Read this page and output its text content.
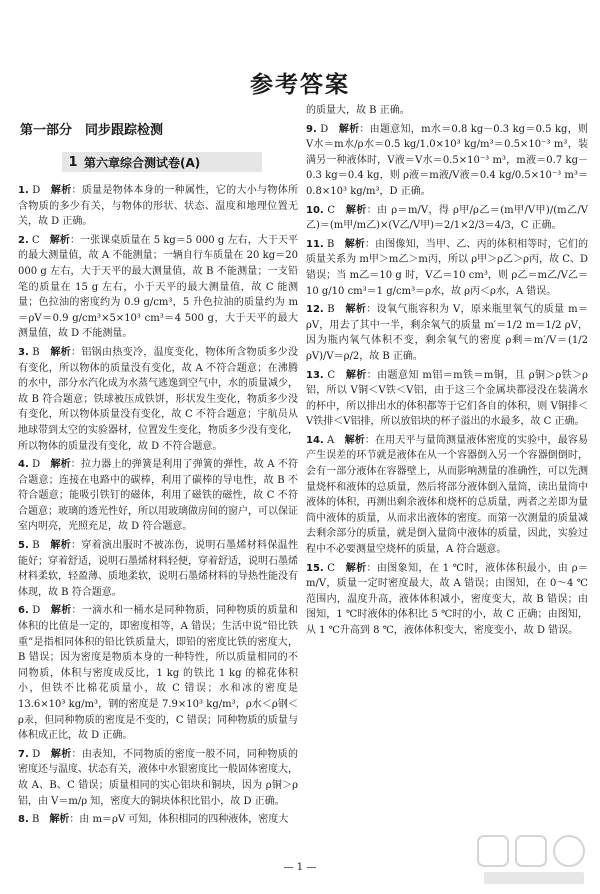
参考答案
第一部分　同步跟踪检测
1 第六章综合测试卷(A)

1. D　 解析：质量是物体本身的一种属性，它的大小与物体所含物质的多少有关，与物体的形状、状态、温度和地理位置无关，故 D 正确。

2. C　 解析：一张课桌质量在 5 kg＝5 000 g 左右，大于天平的最大测量值，故 A 不能测量；一辆自行车质量在 20 kg＝20 000 g 左右，大于天平的最大测量值，故 B 不能测量；一支铅笔的质量在 15 g 左右，小于天平的最大测量值，故 C 能测量；色拉油的密度约为 0.9 g/cm³，5 升色拉油的质量约为 m＝ρV＝0.9 g/cm³×5×10³ cm³＝4 500 g，大于天平的最大测量值，故 D 不能测量。

3. B　 解析：铝锅由热变冷，温度变化，物体所含物质多少没有变化，所以物体的质量没有变化，故 A 不符合题意；在沸腾的水中，部分水汽化成为水蒸气逃逸到空气中，水的质量减少，故 B 符合题意；铁球被压成铁饼，形状发生变化，物质多少没有变化，所以物体质量没有变化，故 C 不符合题意；宇航员从地球带到太空的实验器材，位置发生变化，物质多少没有变化，所以物体的质量没有变化，故 D 不符合题意。

4. D　 解析：拉力器上的弹簧是利用了弹簧的弹性，故 A 不符合题意；连接在电路中的碳棒，利用了碳棒的导电性，故 B 不符合题意；能吸引铁钉的磁体，利用了磁铁的磁性，故 C 不符合题意；玻璃的透光性好，所以用玻璃做房间的窗户，可以保证室内明亮，光照充足，故 D 符合题意。

5. B　 解析：穿着演出服时不被冻伤，说明石墨烯材料保温性能好；穿着舒适，说明石墨烯材料轻便，穿着舒适，说明石墨烯材料柔软，轻盈薄、质地柔软，说明石墨烯材料的导热性能没有体现，故 B 符合题意。

6. D　 解析：一滴水和一桶水是同种物质，同种物质的质量和体积的比值是一定的，即密度相等，A 错误；生活中说“铅比铁重”是指相同体积的铅比铁质量大，即铅的密度比铁的密度大，B 错误；因为密度是物质本身的一种特性，所以质量相同的不同物质，体积与密度成反比，1 kg 的铁比 1 kg 的棉花体积小，但铁不比棉花质量小，故 C 错误；水和冰的密度是 13.6×10³ kg/m³，钢的密度是 7.9×10³ kg/m³，ρ水＜ρ钢＜ρ汞，但同种物质的密度是不变的，C 错误；同种物质的质量与体积成正比，故 D 正确。

7. D　 解析：由表知，不同物质的密度一般不同，同种物质的密度还与温度、状态有关，液体中水银密度比一般固体密度大，故 A、B、C 错误；质量相同的实心铝块和铜块，因为 ρ铜＞ρ铝，由 V＝m/ρ 知，密度大的铜块体积比铝小，故 D 正确。

8. B　 解析：由 m＝ρV 可知，体积相同的四种液体，密度大

的质量大，故 B 正确。

9. D　 解析：由题意知，m水＝0.8 kg－0.3 kg＝0.5 kg，则 V水＝m水/ρ水＝0.5 kg/1.0×10³ kg/m³＝0.5×10⁻³ m³，装满另一种液体时，V液＝V水＝0.5×10⁻³ m³，m液＝0.7 kg－0.3 kg＝0.4 kg，则 ρ液＝m液/V液＝0.4 kg/0.5×10⁻³ m³＝0.8×10³ kg/m³，D 正确。

10. C　 解析：由 ρ＝m/V，得 ρ甲/ρ乙＝(m甲/V甲)/(m乙/V乙)＝(m甲/m乙)×(V乙/V甲)＝2/1×2/3＝4/3，C 正确。

11. B　 解析：由图像知，当甲、乙、丙的体积相等时，它们的质量关系为 m甲＞m乙＞m丙，所以 ρ甲＞ρ乙＞ρ丙，故 C、D 错误；当 m乙＝10 g 时，V乙＝10 cm³，则 ρ乙＝m乙/V乙＝10 g/10 cm³＝1 g/cm³＝ρ水，故 ρ丙＜ρ水，A 错误。

12. B　 解析：设氧气瓶容积为 V，原来瓶里氧气的质量 m＝ρV，用去了其中一半，剩余氧气的质量 m′＝1/2 m＝1/2 ρV，因为瓶内氧气体积不变，剩余氧气的密度 ρ剩＝m′/V＝(1/2 ρV)/V＝ρ/2，故 B 正确。

13. C　 解析：由题意知 m铝＝m铁＝m铜，且 ρ铜＞ρ铁＞ρ铝，所以 V铜＜V铁＜V铝，由于这三个金属块都浸没在装满水的杯中，所以排出水的体积都等于它们各自的体积，则 V铜排＜V铁排＜V铝排，所以放铝块的杯子溢出的水最多，故 C 正确。

14. A　 解析：在用天平与量筒测量液体密度的实验中，最容易产生误差的环节就是液体在从一个容器倒入另一个容器倒倒时，会有一部分液体在容器壁上，从而影响测量的准确性，可以先测量烧杯和液体的总质量，然后将部分液体倒入量筒，读出量筒中液体的体积，再测出剩余液体和烧杯的总质量，两者之差即为量筒中液体的质量，从而求出液体的密度。而第一次测量的质量减去剩余部分的质量，就是倒入量筒中液体的质量，因此，实验过程中不必要测量空烧杯的质量，A 符合题意。

15. C　 解析：由图象知，在 1 ℃时，液体体积最小，由 ρ＝m/V，质量一定时密度最大，故 A 错误；由图知，在 0～4 ℃范围内，温度升高，液体体积减小，密度变大，故 B 错误；由图知，1 ℃时液体的体积比 5 ℃时的小，故 C 正确；由图知，从 1 ℃升高到 8 ℃，液体体积变大，密度变小，故 D 错误。

— 1 —
